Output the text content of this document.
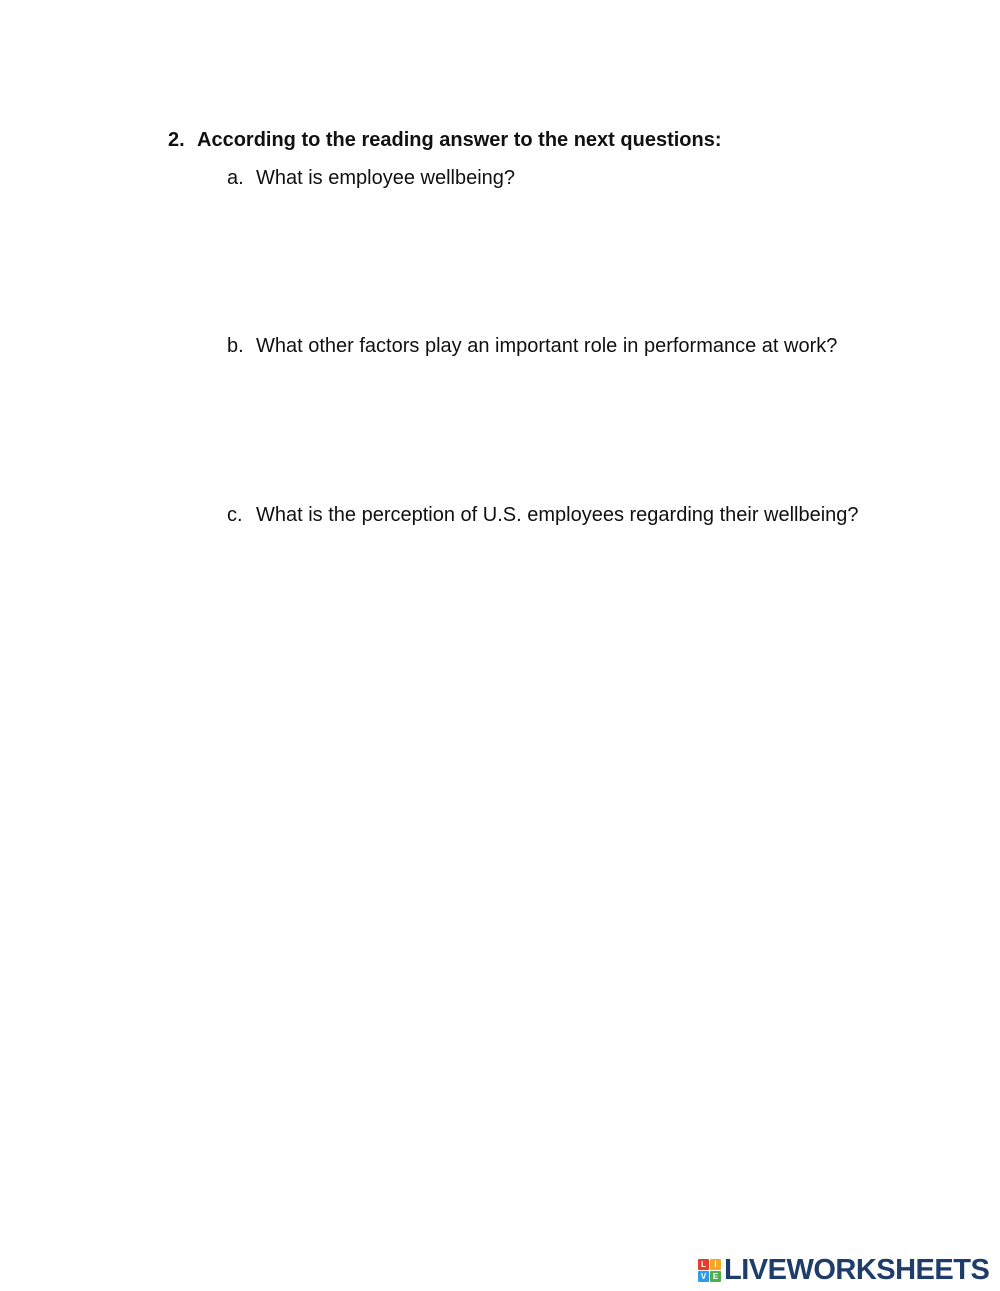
2. According to the reading answer to the next questions:
a. What is employee wellbeing?
b. What other factors play an important role in performance at work?
c. What is the perception of U.S. employees regarding their wellbeing?
L	I
V E LIVEWORKSHEETS
